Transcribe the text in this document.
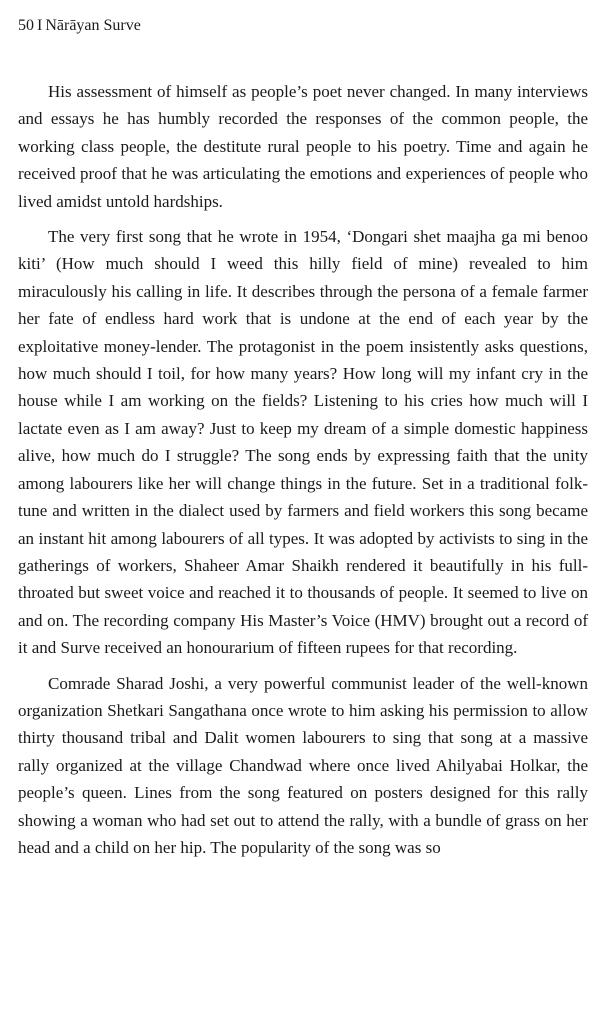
50 I Nārāyan Surve

His assessment of himself as people’s poet never changed. In many interviews and essays he has humbly recorded the responses of the common people, the working class people, the destitute rural people to his poetry. Time and again he received proof that he was articulating the emotions and experiences of people who lived amidst untold hardships.

The very first song that he wrote in 1954, ‘Dongari shet maajha ga mi benoo kiti’ (How much should I weed this hilly field of mine) revealed to him miraculously his calling in life. It describes through the persona of a female farmer her fate of endless hard work that is undone at the end of each year by the exploitative money-lender. The protagonist in the poem insistently asks questions, how much should I toil, for how many years? How long will my infant cry in the house while I am working on the fields? Listening to his cries how much will I lactate even as I am away? Just to keep my dream of a simple domestic happiness alive, how much do I struggle? The song ends by expressing faith that the unity among labourers like her will change things in the future. Set in a traditional folk-tune and written in the dialect used by farmers and field workers this song became an instant hit among labourers of all types. It was adopted by activists to sing in the gatherings of workers, Shaheer Amar Shaikh rendered it beautifully in his full-throated but sweet voice and reached it to thousands of people. It seemed to live on and on. The recording company His Master’s Voice (HMV) brought out a record of it and Surve received an honourarium of fifteen rupees for that recording.

Comrade Sharad Joshi, a very powerful communist leader of the well-known organization Shetkari Sangathana once wrote to him asking his permission to allow thirty thousand tribal and Dalit women labourers to sing that song at a massive rally organized at the village Chandwad where once lived Ahilyabai Holkar, the people’s queen. Lines from the song featured on posters designed for this rally showing a woman who had set out to attend the rally, with a bundle of grass on her head and a child on her hip. The popularity of the song was so
